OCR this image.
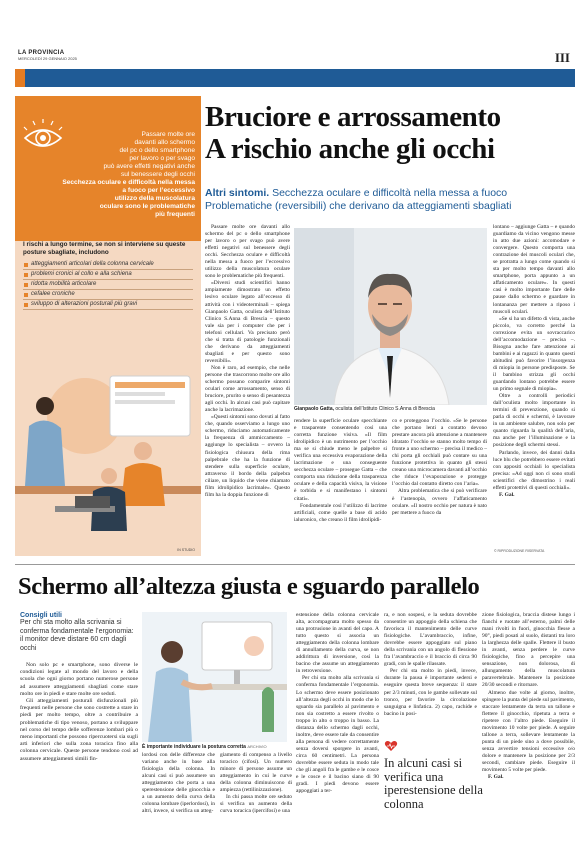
LA PROVINCIA
MERCOLEDÌ 29 GENNAIO 2025	III
Passare molte ore
davanti allo schermo
del pc o dello smartphone
per lavoro o per svago
può avere effetti negativi anche
sul benessere degli occhi
Secchezza oculare e difficoltà nella messa
a fuoco per l’eccessivo
utilizzo della muscolatura
oculare sono le problematiche
più frequenti
I rischi a lungo termine, se non si interviene su queste posture sbagliate, includono
atteggiamenti articolari della colonna cervicale
problemi cronici al collo e alla schiena
ridotta mobilità articolare
cefalee croniche
sviluppo di alterazioni posturali più gravi
IN STUDIO
Bruciore e arrossamento
A rischio anche gli occhi
Altri sintomi. Secchezza oculare e difficoltà nella messa a fuoco Problematiche (reversibili) che derivano da atteggiamenti sbagliati

Passare molte ore davanti allo schermo del pc o dello smartphone per lavoro o per svago può avere effetti negativi sul benessere degli occhi. Secchezza oculare e difficoltà nella messa a fuoco per l’eccessivo utilizzo della muscolatura oculare sono le problematiche più frequenti.

«Diversi studi scientifici hanno ampiamente dimostrato un effetto lesivo oculare legato all’eccesso di attività con i videoterminali – spiega Gianpaolo Gatta, oculista dell’Istituto Clinico S.Anna di Brescia – questo vale sia per i computer che per i telefoni cellulari. Va precisato però che si tratta di patologie funzionali che derivano da atteggiamenti sbagliati e per questo sono reversibili».

Non è raro, ad esempio, che nelle persone che trascorrono molte ore allo schermo possano comparire sintomi oculari come arrossamento, senso di bruciore, prurito o senso di pesantezza agli occhi. In alcuni casi può capitare anche la lacrimazione.

«Questi sintomi sono dovuti al fatto che, quando osserviamo a lungo uno schermo, riduciamo automaticamente la frequenza di ammiccamento – aggiunge lo specialista – ovvero la fisiologica chiusura della rima palpebrale che ha la funzione di stendere sulla superficie oculare, attraverso il bordo della palpebra ciliare, un liquido che viene chiamato film idrolipidico lacrimale». Questo film ha la doppia funzione di

Gianpaolo Gatta, oculista dell’Istituto Clinico S.Anna di Brescia

rendere la superficie oculare specchiante e trasparente consentendo così una corretta funzione visiva. «Il film idrolipidico è un nutrimento per l’occhio ma se si chiude meno le palpebre si verifica una eccessiva evaporazione della lacrimazione e una conseguente secchezza oculare – prosegue Gatta – che comporta una riduzione della trasparenza oculare e della capacità visiva, la visione è torbida e si manifestano i sintomi citati».

Fondamentale così l’utilizzo di lacrime artificiali, come quelle a base di acido ialuronico, che creano il film idrolipidi-

co e proteggono l’occhio. «Se le persone che portano lenti a contatto devono prestare ancora più attenzione a mantenere idratato l’occhio se stanno molto tempo di fronte a uno schermo – precisa il medico – chi porta gli occhiali può contare su una funzione protettiva in quanto gli stessi creano una microcamera davanti all’occhio che riduce l’evaporazione e protegge l’occhio dal contatto diretto con l’aria».

Altra problematica che si può verificare è l’astenopia, ovvero l’affaticamento oculare. «Il nostro occhio per natura è nato per mettere a fuoco da

lontano – aggiunge Gatta – e quando guardiamo da vicino vengono messe in atto due azioni: accomodare e convergere. Questo comporta una contrazione dei muscoli oculari che, se protratta a lungo come quando si sta per molto tempo davanti allo smartphone, porta appunto a un affaticamento oculare». In questi casi è molto importante fare delle pause dallo schermo e guardare in lontananza per mettere a riposo i muscoli oculari.

«Se si ha un difetto di vista, anche piccolo, va corretto perché la correzione evita un sovraccarico dell’accomodazione – precisa –. Bisogna anche fare attenzione ai bambini e ai ragazzi in quanto questi abitudini può favorire l’insorgenza di miopia in persone predisposte. Se il bambino strizza gli occhi guardando lontano potrebbe essere un primo segnale di miopia».

Oltre a controlli periodici dall’oculista molto importante in termini di prevenzione, quando si parla di occhi e schermi, è lavorare in un ambiente salubre, non solo per quanto riguarda la qualità dell’aria, ma anche per l’illuminazione e la posizione degli schermi stessi.

Parlando, invece, dei danni dalla luce blu che potrebbero essere evitati con appositi occhiali lo specialista precisa: «Ad oggi non ci sono studi scientifici che dimostrino i reali effetti protettivi di questi occhiali».

F. Gal.

© RIPRODUZIONE RISERVATA
Schermo all’altezza giusta e sguardo parallelo
Consigli utili
Per chi sta molto alla scrivania si conferma fondamentale l’ergonomia: il monitor deve distare 60 cm dagli occhi

Non solo pc e smartphone, sono diverse le condizioni legate al mondo del lavoro e della scuola che ogni giorno portano numerose persone ad assumere atteggiamenti sbagliati come stare molto ore in piedi e stare molte ore seduti.

Gli atteggiamenti posturali disfunzionali più frequenti nelle persone che sono costrette a stare in piedi per molto tempo, oltre a contribuire a problematiche di tipo venoso, portano a sviluppare nel corso del tempo delle sofferenze lombari più o meno importanti che possono ripercuotersi sia sugli arti inferiori che sulla zona toracica fino alla colonna cervicale. Queste persone tendono così ad assumere atteggiamenti simili fin-

È importante individuare la postura corretta ARCHIVIO

lordosi con delle differenze che variano anche in base alla fisiologia della colonna. In alcuni casi si può assumere un atteggiamento che porta a una sperestensione delle ginocchia e a un aumento della curva della colonna lombare (iperlordosi), in altri, invece, si verifica un atteg-

giamento di compenso a livello toracico (cifosi). Un numero minore di persone assume un atteggiamento in cui le curve della colonna diminuiscono di ampiezza (rettilinizzazione).

In chi passa molte ore seduto si verifica un aumento della curva toracica (ipercifosi) e una

estensione della colonna cervicale alta, accompagnata molto spesso da una protrusione in avanti del capo. A tutto questo si associa un atteggiamento della colonna lombare di annullamento della curva, se non addirittura di inversione, così la bacino che assume un atteggiamento in retroversione.

Per chi sta molto alla scrivania si conferma fondamentale l’ergonomia. Lo schermo deve essere posizionato all’altezza degli occhi in modo che lo sguardo sia parallelo al pavimento e non sia costretto a essere rivolto o troppo in alto o troppo in basso. La distanza dello schermo dagli occhi, inoltre, deve essere tale da consentire alla persona di vedere correttamente senza doversi sporgere in avanti, circa 60 centimetri. La persona dovrebbe essere seduta in modo tale che gli angoli fra le gambe e le cosce e le cosce e il bacino siano di 90 gradi. I piedi devono essere appoggiati a ter-

ra, e non sospesi, e la seduta dovrebbe consentire un appoggio della schiena che favorisca il mantenimento delle curve fisiologiche. L’avambraccio, infine, dovrebbe essere appoggiato sul piano della scrivania con un angolo di flessione fra l’avambraccio e il braccio di circa 90 gradi, con le spalle rilassate.

Per chi sta molto in piedi, invece, durante la pausa è importante sedersi e eseguire questa breve sequenza: il stare per 2/3 minuti, con le gambe sollevate sul tronco, per favorire la circolazione sanguigna e linfatica. 2) capo, rachide e bacino in posi-

In alcuni casi si verifica una iperestensione della colonna

zione fisiologica, braccia distese lungo i fianchi e ruotate all’esterno, palmi delle mani rivolti in fuori, ginocchia flesse a 90°, piedi posati al suolo, distanti tra loro la larghezza delle spalle. Flettere il busto in avanti, senza perdere le curve fisiologiche, fino a percepire una sensazione, non dolorosa, di allungamento della muscolatura paravertebrale. Mantenere la posizione 20/30 secondi e ritornare.

Almeno due volte al giorno, inoltre, spingere la punta del piede sul pavimento, staccare lentamente da terra un tallone e flettere il ginocchio, ripetuta a terra e ripetere con l’altro piede. Eseguire il movimento 10 volte per piede. A seguire tallone a terra, sollevare lentamente la punta di un piede sino a dove possibile, senza avvertire tensioni eccessive o/o dolore e mantenere la posizione per 2/3 secondi, cambiare piede. Eseguire il movimento 5 volte per piede.

F. Gal.
